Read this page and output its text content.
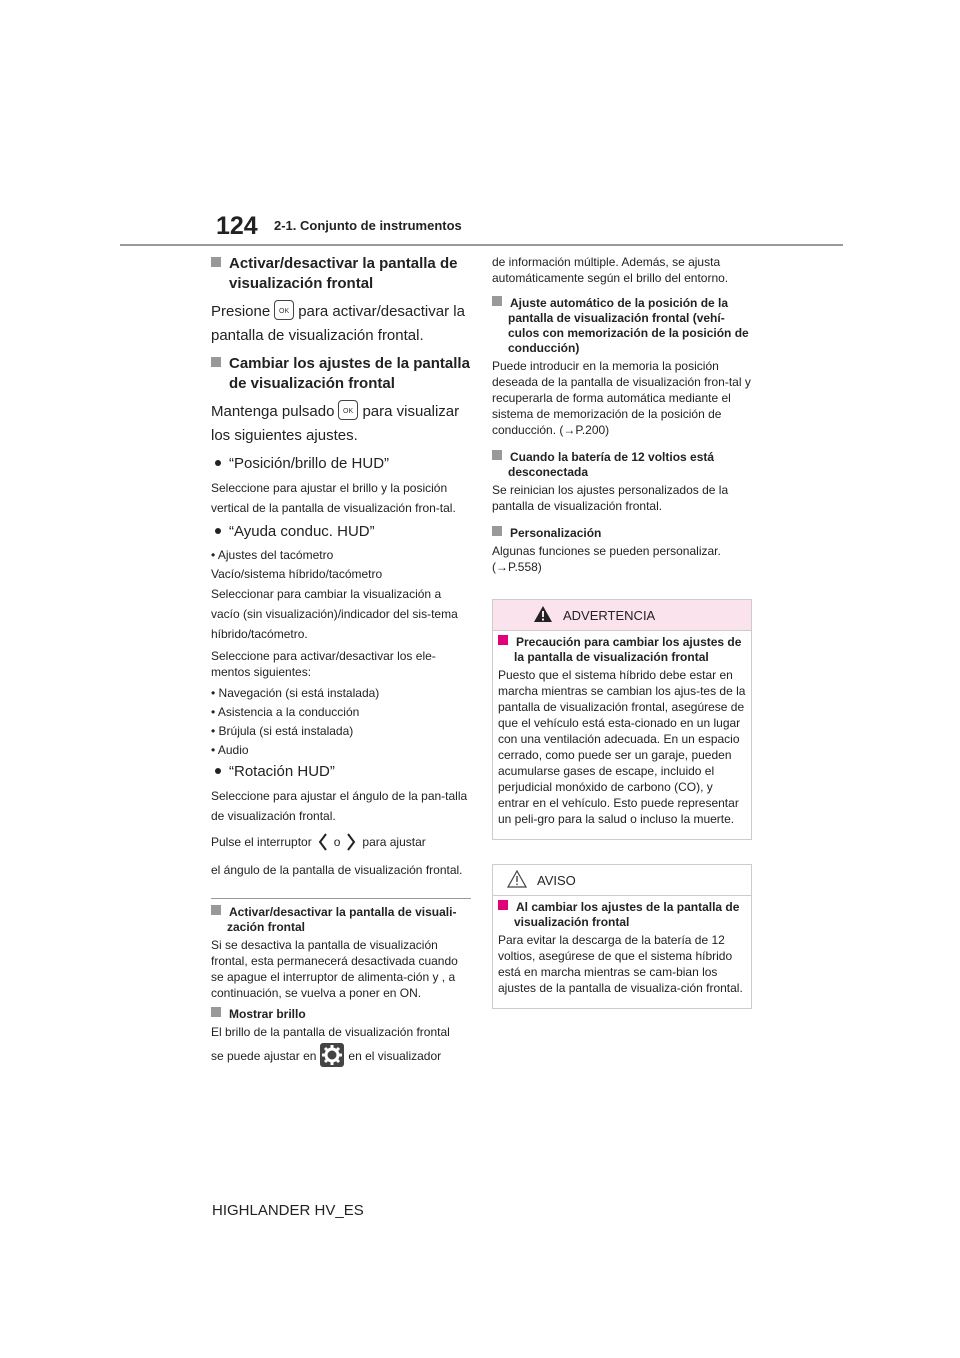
124 2-1. Conjunto de instrumentos

Activar/desactivar la pantalla de visualización frontal

Presione OK para activar/desactivar la pantalla de visualización frontal.

Cambiar los ajustes de la pantalla de visualización frontal

Mantenga pulsado OK para visualizar los siguientes ajustes.

“Posición/brillo de HUD”

Seleccione para ajustar el brillo y la posición vertical de la pantalla de visualización fron-tal.

“Ayuda conduc. HUD”

• Ajustes del tacómetro

Vacío/sistema híbrido/tacómetro

Seleccionar para cambiar la visualización a vacío (sin visualización)/indicador del sis-tema híbrido/tacómetro.

Seleccione para activar/desactivar los ele-mentos siguientes:

• Navegación (si está instalada)

• Asistencia a la conducción

• Brújula (si está instalada)

• Audio

“Rotación HUD”

Seleccione para ajustar el ángulo de la pan-talla de visualización frontal.

Pulse el interruptor o para ajustar

el ángulo de la pantalla de visualización frontal.

Activar/desactivar la pantalla de visuali-zación frontal

Si se desactiva la pantalla de visualización frontal, esta permanecerá desactivada cuando se apague el interruptor de alimenta-ción y , a continuación, se vuelva a poner en ON.

Mostrar brillo

El brillo de la pantalla de visualización frontal

se puede ajustar en	en el visualizador

de información múltiple. Además, se ajusta automáticamente según el brillo del entorno.

Ajuste automático de la posición de la pantalla de visualización frontal (vehí-culos con memorización de la posición de conducción)

Puede introducir en la memoria la posición deseada de la pantalla de visualización fron-tal y recuperarla de forma automática mediante el sistema de memorización de la posición de conducción. (→P.200)

Cuando la batería de 12 voltios está desconectada

Se reinician los ajustes personalizados de la pantalla de visualización frontal.

Personalización

Algunas funciones se pueden personalizar. (→P.558)

ADVERTENCIA

Precaución para cambiar los ajustes de la pantalla de visualización frontal

Puesto que el sistema híbrido debe estar en marcha mientras se cambian los ajus-tes de la pantalla de visualización frontal, asegúrese de que el vehículo está esta-cionado en un lugar con una ventilación adecuada. En un espacio cerrado, como puede ser un garaje, pueden acumularse gases de escape, incluido el perjudicial monóxido de carbono (CO), y entrar en el vehículo. Esto puede representar un peli-gro para la salud o incluso la muerte.

AVISO

Al cambiar los ajustes de la pantalla de visualización frontal

Para evitar la descarga de la batería de 12 voltios, asegúrese de que el sistema híbrido está en marcha mientras se cam-bian los ajustes de la pantalla de visualiza-ción frontal.

HIGHLANDER HV_ES
